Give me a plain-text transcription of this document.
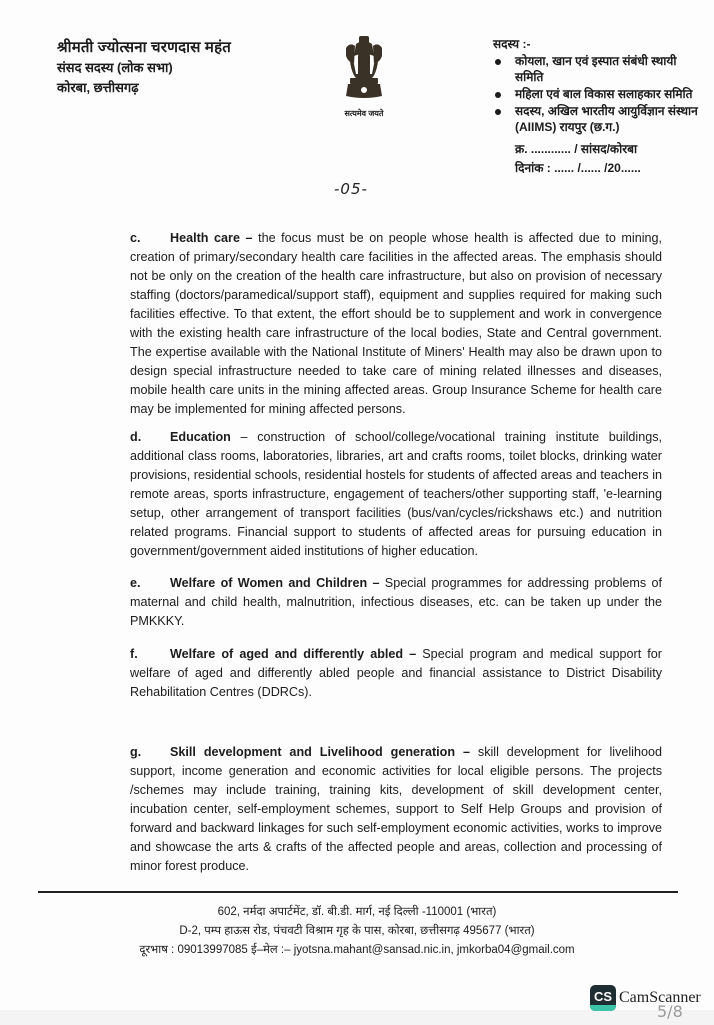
श्रीमती ज्योत्सना चरणदास महंत
संसद सदस्य (लोक सभा)
कोरबा, छत्तीसगढ़
सत्यमेव जयते
सदस्य :-
कोयला, खान एवं इस्पात संबंधी स्थायी समिति
महिला एवं बाल विकास सलाहकार समिति
सदस्य, अखिल भारतीय आयुर्विज्ञान संस्थान (AIIMS) रायपुर (छ.ग.)
क्र. ............ / सांसद/कोरबा
दिनांक : ...... /...... /20......
-05-

c. Health care – the focus must be on people whose health is affected due to mining, creation of primary/secondary health care facilities in the affected areas. The emphasis should not be only on the creation of the health care infrastructure, but also on provision of necessary staffing (doctors/paramedical/support staff), equipment and supplies required for making such facilities effective. To that extent, the effort should be to supplement and work in convergence with the existing health care infrastructure of the local bodies, State and Central government. The expertise available with the National Institute of Miners' Health may also be drawn upon to design special infrastructure needed to take care of mining related illnesses and diseases, mobile health care units in the mining affected areas. Group Insurance Scheme for health care may be implemented for mining affected persons.

d. Education – construction of school/college/vocational training institute buildings, additional class rooms, laboratories, libraries, art and crafts rooms, toilet blocks, drinking water provisions, residential schools, residential hostels for students of affected areas and teachers in remote areas, sports infrastructure, engagement of teachers/other supporting staff, 'e-learning setup, other arrangement of transport facilities (bus/van/cycles/rickshaws etc.) and nutrition related programs. Financial support to students of affected areas for pursuing education in government/government aided institutions of higher education.

e. Welfare of Women and Children – Special programmes for addressing problems of maternal and child health, malnutrition, infectious diseases, etc. can be taken up under the PMKKKY.

f.	Welfare of aged and differently abled – Special program and medical support for welfare of aged and differently abled people and financial assistance to District Disability Rehabilitation Centres (DDRCs).

g. Skill development and Livelihood generation – skill development for livelihood support, income generation and economic activities for local eligible persons. The projects /schemes may include training, training kits, development of skill development center, incubation center, self-employment schemes, support to Self Help Groups and provision of forward and backward linkages for such self-employment economic activities, works to improve and showcase the arts & crafts of the affected people and areas, collection and processing of minor forest produce.

602, नर्मदा अपार्टमेंट, डॉ. बी.डी. मार्ग, नई दिल्ली -110001 (भारत)
D-2, पम्प हाऊस रोड, पंचवटी विश्राम गृह के पास, कोरबा, छत्तीसगढ़ 495677 (भारत)
दूरभाष : 09013997085 ई–मेल :– jyotsna.mahant@sansad.nic.in, jmkorba04@gmail.com
CS CamScanner
5/8
